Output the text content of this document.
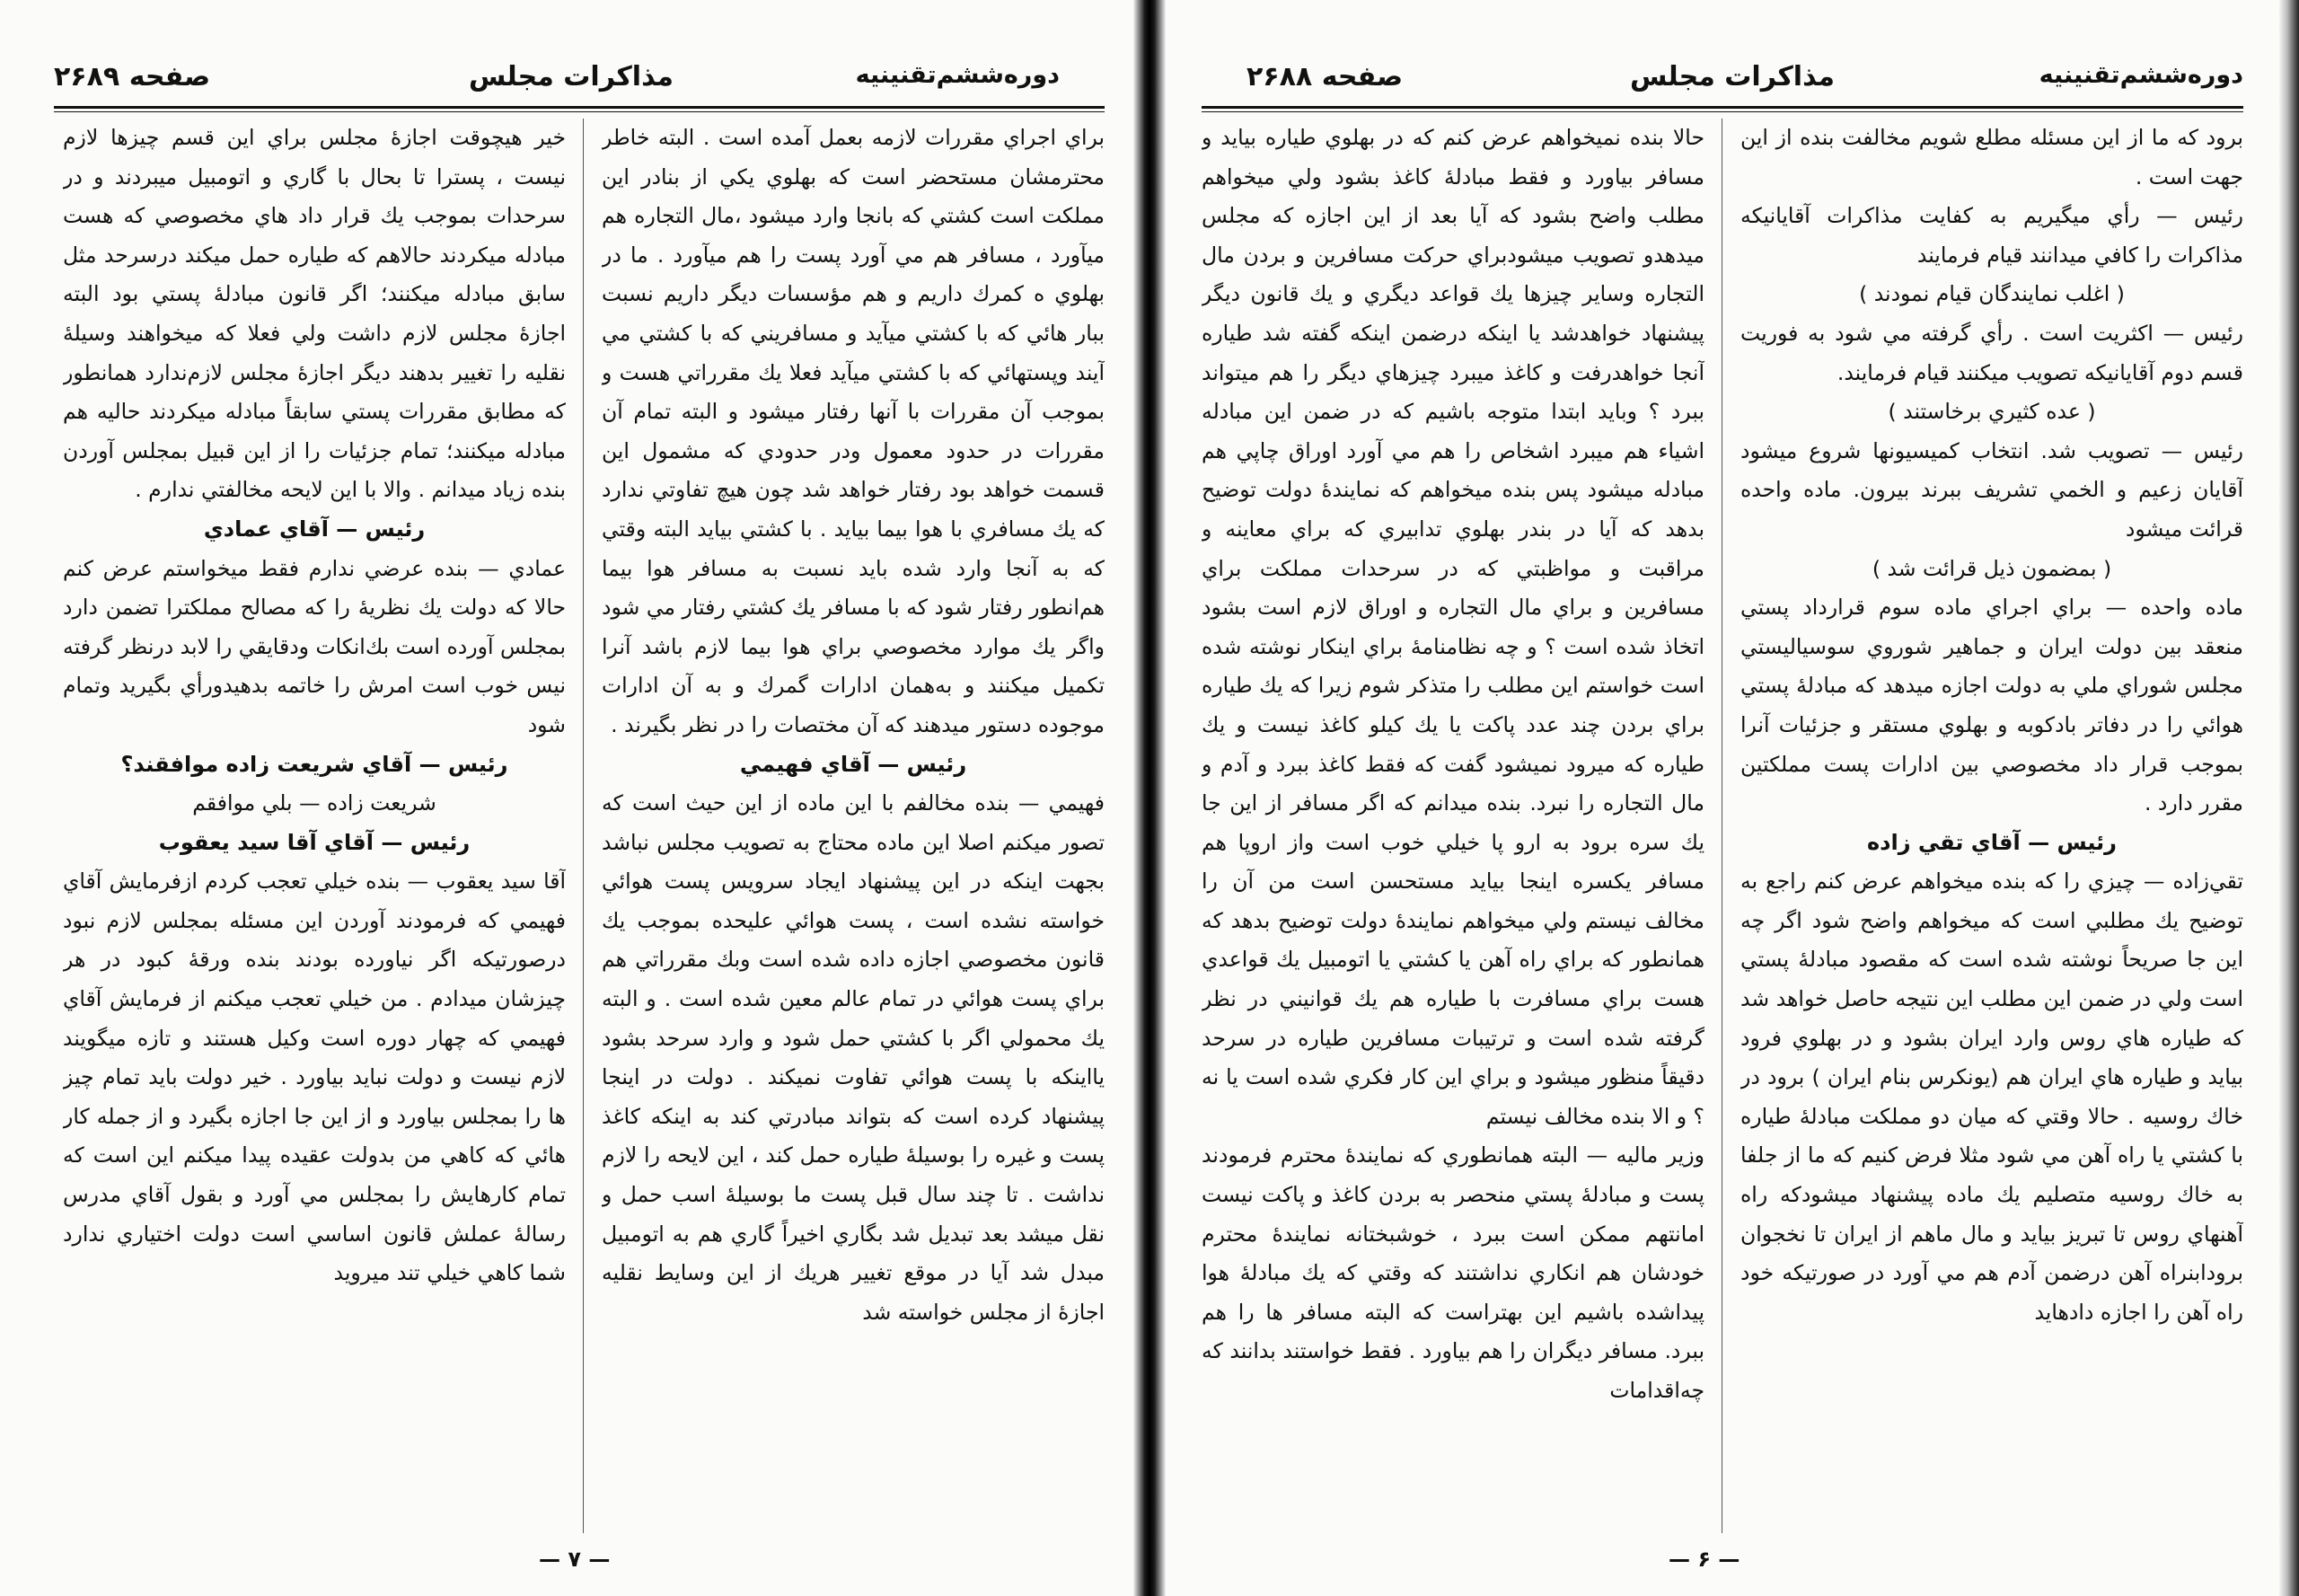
دوره‌ششم‌تقنینیه
مذاکرات مجلس
صفحه ۲۶۸۹

براي اجراي مقررات لازمه بعمل آمده است . البته خاطر محترمشان مستحضر است که بهلوي يکي از بنادر اين مملکت است کشتي كه بانجا وارد ميشود ،مال التجاره هم ميآورد ، مسافر هم مي آورد پست را هم ميآورد . ما در بهلوي ه کمرك داريم و هم مؤسسات ديگر داريم نسبت ببار هائي که با کشتي ميآيد و مسافريني که با کشتي مي آيند وپستهائي که با کشتي ميآيد فعلا يك مقرراتي هست و بموجب آن مقررات با آنها رفتار ميشود و البته تمام آن مقررات در حدود معمول ودر حدودي كه مشمول اين قسمت خواهد بود رفتار خواهد شد چون هيچ تفاوتي ندارد که يك مسافري با هوا بيما بيايد . با کشتي بيايد البته وقتي که به آنجا وارد شده بايد نسبت به مسافر هوا بيما هم‌انطور رفتار شود که با مسافر يك کشتي رفتار مي شود واگر يك موارد مخصوصي براي هوا بيما لازم باشد آنرا تکميل ميکنند و به‌همان ادارات گمرك و به آن ادارات موجوده دستور ميدهند كه آن مختصات را در نظر بگيرند .

رئيس — آقاي فهيمي

فهيمي — بنده مخالفم با اين ماده از اين حيث است که تصور ميکنم اصلا اين ماده محتاج به تصويب مجلس نباشد بجهت اينکه در اين پيشنهاد ايجاد سرويس پست هوائي خواسته نشده است ، پست هوائي عليحده بموجب يك قانون مخصوصي اجازه داده شده است وبك مقرراتي هم براي پست هوائي در تمام عالم معين شده است . و البته يك محمولي اگر با کشتي حمل شود و وارد سرحد بشود يااينکه با پست هوائي تفاوت نميکند . دولت در اينجا پيشنهاد کرده است که بتواند مبادرتي کند به اينکه کاغذ پست و غيره را بوسيلهٔ طياره حمل کند ، اين لايحه را لازم نداشت . تا چند سال قبل پست ما بوسيلهٔ اسب حمل و نقل ميشد بعد تبديل شد بگاري اخيراً گاري هم به اتومبيل مبدل شد آيا در موقع تغيير هريك از اين وسايط نقليه اجازهٔ از مجلس خواسته شد

خير هيچوقت اجازهٔ مجلس براي اين قسم چيزها لازم نيست ، پسترا تا بحال با گاري و اتومبيل ميبردند و در سرحدات بموجب يك قرار داد هاي مخصوصي که هست مبادله ميکردند حالاهم که طياره حمل ميکند درسرحد مثل سابق مبادله ميکنند؛ اگر قانون مبادلهٔ پستي بود البته اجازهٔ مجلس لازم داشت ولي فعلا که ميخواهند وسيلهٔ نقليه را تغيير بدهند ديگر اجازهٔ مجلس لازم‌ندارد همانطور که مطابق مقررات پستي سابقاً مبادله ميکردند حاليه هم مبادله ميکنند؛ تمام جزئيات را از اين قبيل بمجلس آوردن بنده زياد ميدانم . والا با اين لايحه مخالفتي ندارم .

رئيس — آقاي عمادي

عمادي — بنده عرضي ندارم فقط ميخواستم عرض کنم حالا که دولت يك نظريهٔ را که مصالح مملکترا تضمن دارد بمجلس آورده است بك‌انکات ودقايقي را لابد درنظر گرفته‌ نيس خوب است امرش را خاتمه بدهيدورأي بگيريد وتمام شود

رئيس — آقاي شريعت زاده موافقند؟
شريعت زاده — بلي موافقم
رئيس — آقاي آقا سيد يعقوب

آقا سيد يعقوب — بنده خيلي تعجب کردم ازفرمايش آقاي فهيمي که فرمودند آوردن اين مسئله بمجلس لازم نبود درصورتيکه اگر نياورده بودند بنده ورقهٔ کبود در هر چيزشان ميدادم . من خيلي تعجب ميکنم از فرمايش آقاي فهيمي که چهار دوره است وکيل هستند و تازه ميگويند لازم نيست و دولت نبايد بياورد . خير دولت بايد تمام چيز ها را بمجلس بياورد و از اين جا اجازه بگيرد و از جمله کار هائي که کاهي من بدولت عقيده پيدا ميکنم اين است که تمام کارهايش را بمجلس مي آورد و بقول آقاي مدرس رسالهٔ عملش قانون اساسي است دولت اختياري ندارد شما کاهي خيلي تند ميرويد

— ۷ —
دوره‌ششم‌تقنینیه
مذاکرات مجلس
صفحه ۲۶۸۸

برود که ما از اين مسئله مطلع شويم مخالفت بنده از اين جهت است .

رئيس — رأي ميگيريم به کفايت مذاکرات آقايانيکه مذاکرات را کافي ميدانند قيام فرمايند

( اغلب نمايندگان قيام نمودند )

رئيس — اکثريت است . رأي گرفته مي شود به فوريت قسم دوم آقايانيکه تصويب ميکنند قيام فرمايند.

( عده کثيري برخاستند )

رئيس — تصويب شد. انتخاب کميسيونها شروع ميشود آقايان زعيم و الخمي تشريف ببرند بيرون. ماده واحده قرائت ميشود

( بمضمون ذيل قرائت شد )

ماده واحده — براي اجراي ماده سوم قرارداد پستي منعقد بين دولت ايران و جماهير شوروي سوسياليستي مجلس شوراي ملي به دولت اجازه ميدهد که مبادلهٔ پستي هوائي را در دفاتر بادکوبه و بهلوي مستقر و جزئيات آنرا بموجب قرار داد مخصوصي بين ادارات پست مملکتين مقرر دارد .

رئيس — آقاي تقي زاده

تقي‌زاده — چيزي را که بنده ميخواهم عرض کنم راجع به توضيح يك مطلبي است که ميخواهم واضح شود اگر چه اين جا صريحاً نوشته شده است که مقصود مبادلهٔ پستي است ولي در ضمن اين مطلب اين نتيجه حاصل خواهد شد که طياره هاي روس وارد ايران بشود و در بهلوي فرود بيايد و طياره هاي ايران هم (يونكرس بنام ايران ) برود در خاك روسيه . حالا وقتي كه ميان دو مملكت مبادلهٔ طياره با كشتي يا راه آهن مي شود مثلا فرض كنيم كه ما از جلفا به خاك روسيه متصليم يك ماده پيشنهاد ميشودكه راه آهنهاي روس تا تبريز بيايد و مال ماهم از ايران تا نخجوان برودابنراه آهن درضمن آدم هم مي آورد در صورتيكه خود راه آهن را اجازه دادهايد

حالا بنده نميخواهم عرض كنم كه در بهلوي طياره بيايد و مسافر بياورد و فقط مبادلهٔ كاغذ بشود ولي ميخواهم مطلب واضح بشود كه آيا بعد از اين اجازه كه مجلس ميدهدو تصويب ميشودبراي حركت مسافرين و بردن مال التجاره وساير چيزها يك قواعد ديگري و يك قانون ديگر پيشنهاد خواهدشد يا اينكه درضمن اينكه گفته شد طياره آنجا خواهدرفت و كاغذ ميبرد چيزهاي ديگر را هم ميتواند ببرد ؟ وبايد ابتدا متوجه باشيم كه در ضمن اين مبادله اشياء هم ميبرد اشخاص را هم مي آورد اوراق چاپي هم مبادله ميشود پس بنده ميخواهم كه نمايندهٔ دولت توضيح بدهد كه آيا در بندر بهلوي تدابيري كه براي معاينه و مراقبت و مواظبتي كه در سرحدات مملكت براي مسافرين و براي مال التجاره و اوراق لازم است بشود اتخاذ شده است ؟ و چه نظامنامهٔ براي اينكار نوشته شده است خواستم اين مطلب را متذكر شوم زيرا كه يك طياره براي بردن چند عدد پاكت يا يك كيلو كاغذ نيست و يك طياره كه ميرود نميشود گفت كه فقط كاغذ ببرد و آدم و مال التجاره را نبرد. بنده ميدانم كه اگر مسافر از اين جا يك سره برود به ارو پا خيلي خوب است واز اروپا هم مسافر يكسره اينجا بيايد مستحسن است من آن را مخالف نيستم ولي ميخواهم نمايندهٔ دولت توضيح بدهد كه همانطور كه براي راه آهن يا كشتي يا اتومبيل يك قواعدي هست براي مسافرت با طياره هم يك قوانيني در نظر گرفته شده است و ترتيبات مسافرين طياره در سرحد دقيقاً منظور ميشود و براي اين كار فكري شده است يا نه ؟ و الا بنده مخالف نيستم

وزير ماليه — البته همانطوري كه نمايندهٔ محترم فرمودند پست و مبادلهٔ پستي منحصر به بردن كاغذ و پاكت نيست امانتهم ممكن است ببرد ، خوشبختانه نمايندهٔ محترم خودشان هم انكاري نداشتند كه وقتي كه يك مبادلهٔ هوا پيداشده باشيم اين بهتراست كه البته مسافر ها را هم ببرد. مسافر ديگران را هم بياورد . فقط خواستند بدانند كه چه‌اقدامات

— ۶ —
